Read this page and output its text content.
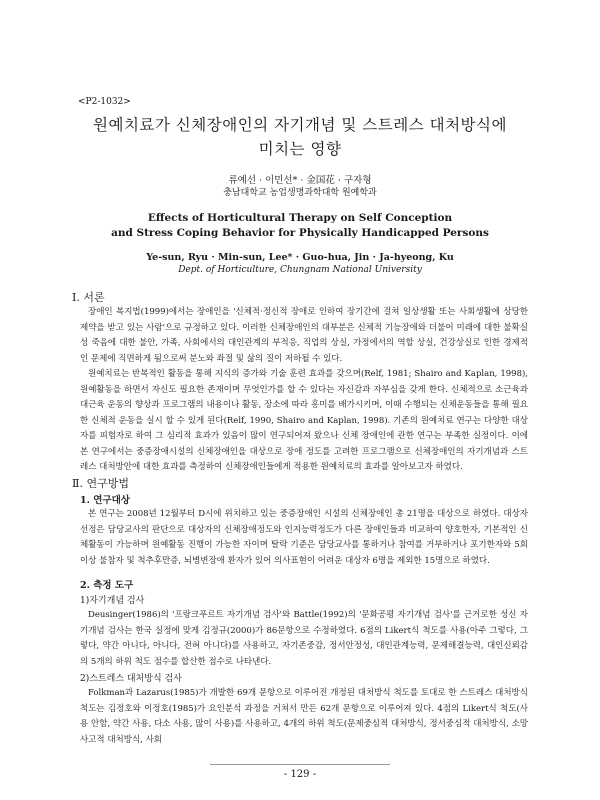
<P2-1032>
원예치료가 신체장애인의 자기개념 및 스트레스 대처방식에
미치는 영향
류예선 · 이민선* · 金国花 · 구자형
충남대학교 농업생명과학대학 원예학과
Effects of Horticultural Therapy on Self Conception
and Stress Coping Behavior for Physically Handicapped Persons
Ye-sun, Ryu · Min-sun, Lee* · Guo-hua, Jin · Ja-hyeong, Ku
Dept. of Horticulture, Chungnam National University
Ⅰ. 서론

장애인 복지법(1999)에서는 장애인을 '신체적·정신적 장애로 인하여 장기간에 걸쳐 일상생활 또는 사회생활에 상당한 제약을 받고 있는 사람'으로 규정하고 있다. 이러한 신체장애인의 대부분은 신체적 기능장애와 더불어 미래에 대한 불확실성 죽음에 대한 불안, 가족, 사회에서의 대인관계의 부적응, 직업의 상실, 가정에서의 역할 상실, 건강상실로 인한 경제적인 문제에 직면하게 됨으로써 분노와 좌절 및 삶의 질이 저하될 수 있다.

원예치료는 반복적인 활동을 통해 지식의 증가와 기술 훈련 효과를 갖으며(Relf, 1981; Shairo and Kaplan, 1998), 원예활동을 하면서 자신도 필요한 존재이며 무엇인가를 할 수 있다는 자신감과 자부심을 갖게 한다. 신체적으로 소근육과 대근육 운동의 향상과 프로그램의 내용이나 활동, 장소에 따라 흥미를 배가시키며, 이때 수행되는 신체운동들을 통해 필요한 신체적 운동을 실시 할 수 있게 된다(Relf, 1990, Shairo and Kaplan, 1998). 기존의 원예치료 연구는 다양한 대상자를 피험자로 하여 그 심리적 효과가 있음이 많이 연구되어져 왔으나 신체 장애인에 관한 연구는 부족한 실정이다. 이에 본 연구에서는 중증장애시설의 신체장애인을 대상으로 장애 정도를 고려한 프로그램으로 신체장애인의 자기개념과 스트레스 대처방안에 대한 효과를 측정하여 신체장애인들에게 적용한 원예치료의 효과를 알아보고자 하였다.

Ⅱ. 연구방법
1. 연구대상

본 연구는 2008년 12월부터 D시에 위치하고 있는 중증장애인 시설의 신체장애인 총 21명을 대상으로 하였다. 대상자 선정은 담당교사의 판단으로 대상자의 신체장애정도와 인지능력정도가 다른 장애인들과 비교하여 양호한자, 기본적인 신체활동이 가능하며 원예활동 진행이 가능한 자이며 탈락 기준은 담당교사를 통하거나 참여를 거부하거나 포기한자와 5회 이상 불참자 및 척추후만증, 뇌병변장애 환자가 있어 의사표현이 어려운 대상자 6명을 제외한 15명으로 하였다.

2. 측정 도구
1)자기개념 검사

Deusinger(1986)의 '프랑크푸르트 자기개념 검사'와 Battle(1992)의 '문화공평 자기개념 검사'를 근거로한 성신 자기개념 검사는 한국 실정에 맞게 김정규(2000)가 86문항으로 수정하였다. 6점의 Likert식 척도를 사용(아주 그렇다, 그렇다, 약간 아니다, 아니다, 전혀 아니다)를 사용하고, 자기존중감, 정서안정성, 대인관계능력, 문제해결능력, 대인신뢰감의 5개의 하위 척도 점수를 합산한 점수로 나타낸다.

2)스트레스 대처방식 검사

Folkman과 Lazarus(1985)가 개발한 69개 문항으로 이루어진 개정된 대처방식 척도를 토대로 한 스트레스 대처방식 척도는 김정호와 이정호(1985)가 요인분석 과정을 거쳐서 만든 62개 문항으로 이루어져 있다. 4점의 Likert식 척도(사용 안함, 약간 사용, 다소 사용, 많이 사용)를 사용하고, 4개의 하위 척도(문제중심적 대처방식, 정서중심적 대처방식, 소망사고적 대처방식, 사회

- 129 -
